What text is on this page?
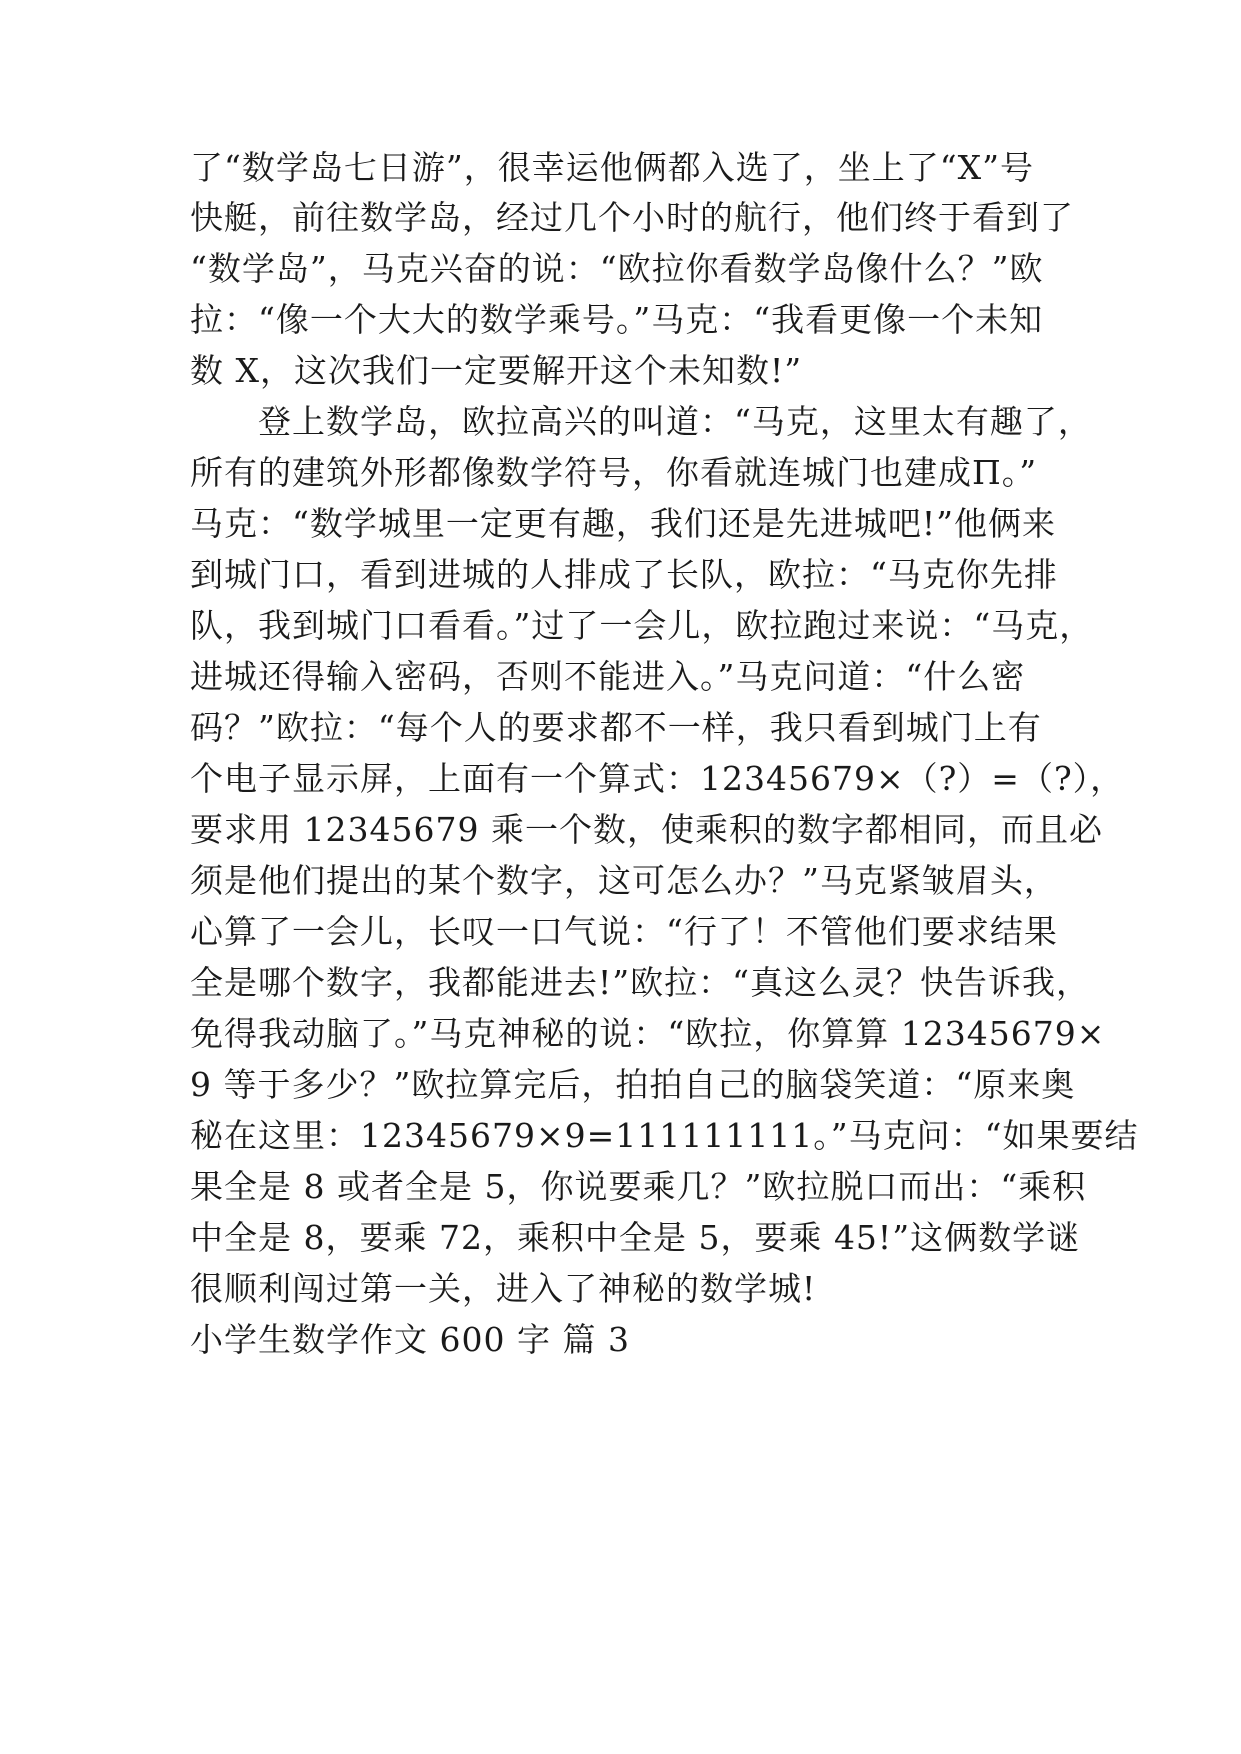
了“数学岛七日游”，很幸运他俩都入选了，坐上了“X”号
快艇，前往数学岛，经过几个小时的航行，他们终于看到了
“数学岛”，马克兴奋的说：“欧拉你看数学岛像什么？”欧
拉：“像一个大大的数学乘号。”马克：“我看更像一个未知
数 X，这次我们一定要解开这个未知数!”
登上数学岛，欧拉高兴的叫道：“马克，这里太有趣了，
所有的建筑外形都像数学符号，你看就连城门也建成Π。”
马克：“数学城里一定更有趣，我们还是先进城吧!”他俩来
到城门口，看到进城的人排成了长队，欧拉：“马克你先排
队，我到城门口看看。”过了一会儿，欧拉跑过来说：“马克，
进城还得输入密码，否则不能进入。”马克问道：“什么密
码？”欧拉：“每个人的要求都不一样，我只看到城门上有
个电子显示屏，上面有一个算式：12345679×（?）=（?），
要求用 12345679 乘一个数，使乘积的数字都相同，而且必
须是他们提出的某个数字，这可怎么办？”马克紧皱眉头，
心算了一会儿，长叹一口气说：“行了！不管他们要求结果
全是哪个数字，我都能进去!”欧拉：“真这么灵？快告诉我，
免得我动脑了。”马克神秘的说：“欧拉，你算算 12345679×
9 等于多少？”欧拉算完后，拍拍自己的脑袋笑道：“原来奥
秘在这里：12345679×9=111111111。”马克问：“如果要结
果全是 8 或者全是 5，你说要乘几？”欧拉脱口而出：“乘积
中全是 8，要乘 72，乘积中全是 5，要乘 45!”这俩数学谜
很顺利闯过第一关，进入了神秘的数学城!
小学生数学作文 600 字 篇 3
